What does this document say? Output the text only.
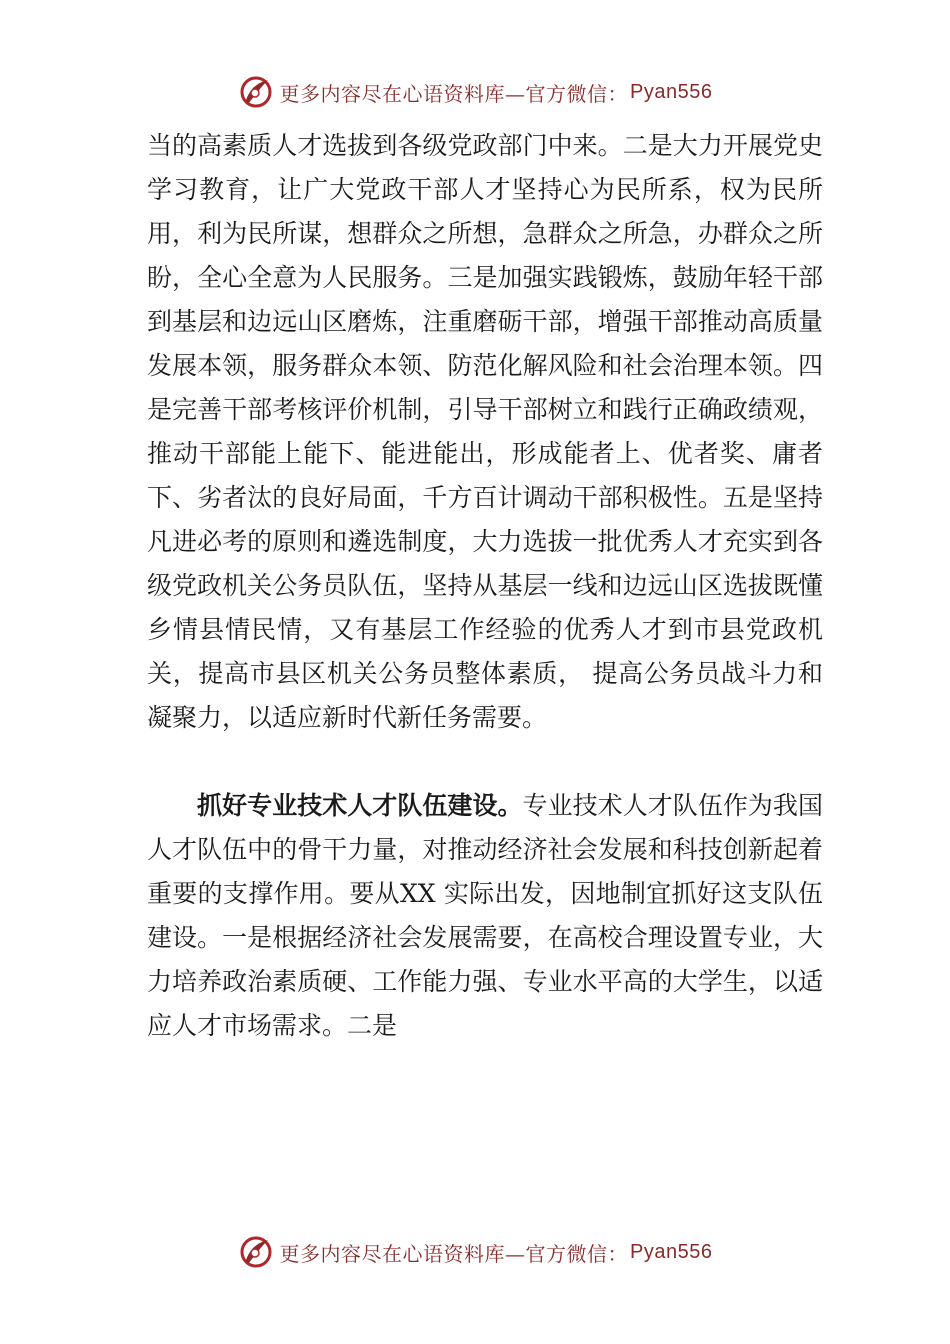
更多内容尽在心语资料库—官方微信： Pyan556

当的高素质人才选拔到各级党政部门中来。二是大力开展党史学习教育，让广大党政干部人才坚持心为民所系，权为民所用，利为民所谋，想群众之所想，急群众之所急，办群众之所盼，全心全意为人民服务。三是加强实践锻炼，鼓励年轻干部到基层和边远山区磨炼，注重磨砺干部，增强干部推动高质量发展本领，服务群众本领、防范化解风险和社会治理本领。四是完善干部考核评价机制，引导干部树立和践行正确政绩观，推动干部能上能下、能进能出，形成能者上、优者奖、庸者下、劣者汰的良好局面，千方百计调动干部积极性。五是坚持凡进必考的原则和遴选制度，大力选拔一批优秀人才充实到各级党政机关公务员队伍，坚持从基层一线和边远山区选拔既懂乡情县情民情，又有基层工作经验的优秀人才到市县党政机关，提高市县区机关公务员整体素质， 提高公务员战斗力和凝聚力，以适应新时代新任务需要。

抓好专业技术人才队伍建设。专业技术人才队伍作为我国人才队伍中的骨干力量，对推动经济社会发展和科技创新起着重要的支撑作用。要从XX 实际出发，因地制宜抓好这支队伍建设。一是根据经济社会发展需要，在高校合理设置专业，大力培养政治素质硬、工作能力强、专业水平高的大学生，以适应人才市场需求。二是

更多内容尽在心语资料库—官方微信： Pyan556
